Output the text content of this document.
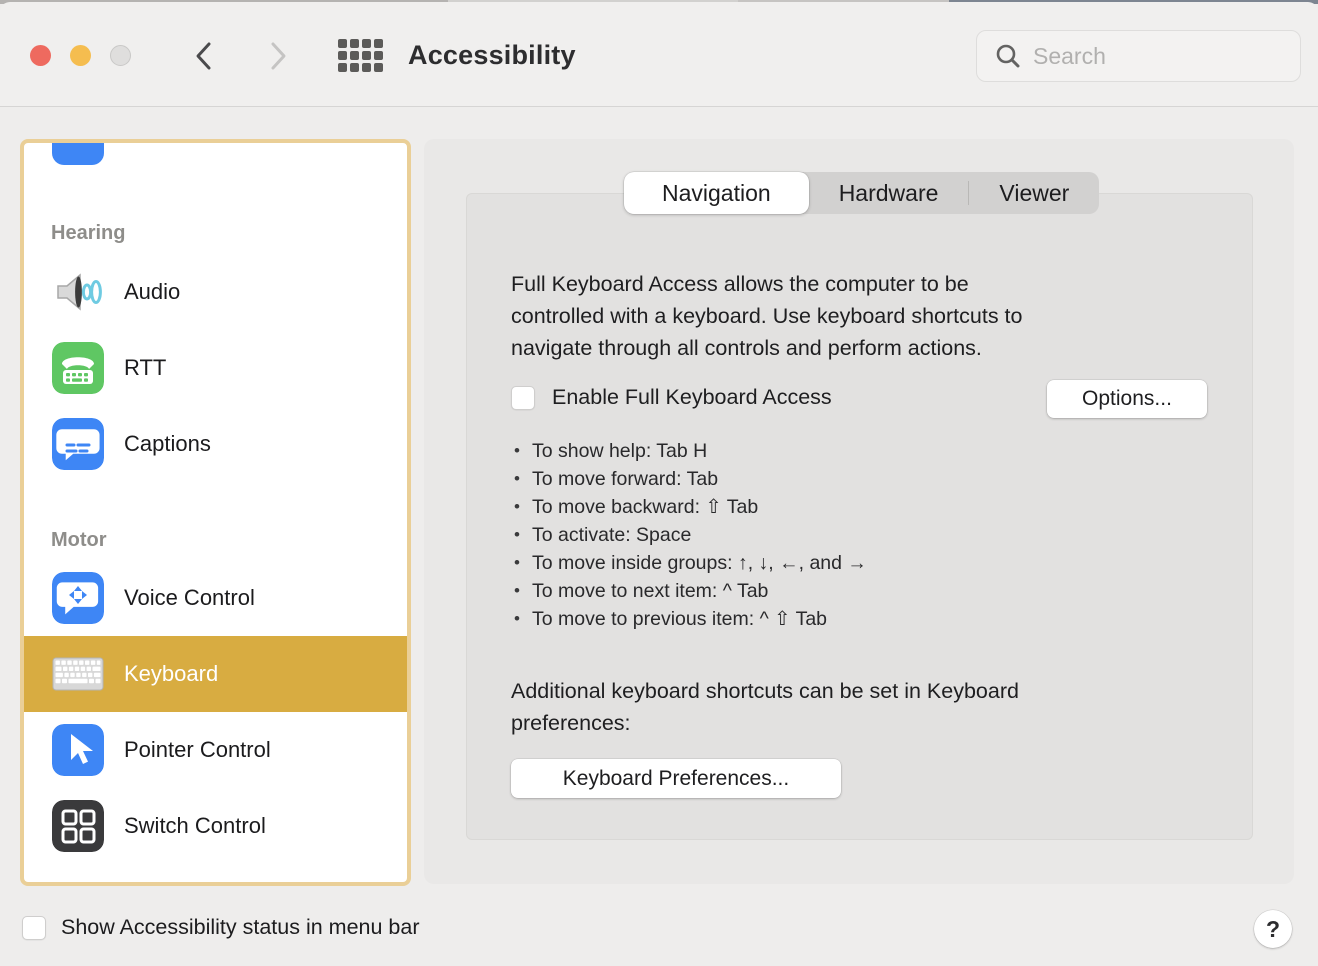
Accessibility
Search
Hearing
Audio
RTT
Captions
Motor
Voice Control
Keyboard
Pointer Control
Switch Control
Navigation	Hardware	Viewer
Full Keyboard Access allows the computer to be
controlled with a keyboard. Use keyboard shortcuts to
navigate through all controls and perform actions.
Enable Full Keyboard Access	Options...
• To show help: Tab H
• To move forward: Tab
• To move backward: ⇧ Tab
• To activate: Space
• To move inside groups: ↑, ↓, ←, and →
• To move to next item: ^ Tab
• To move to previous item: ^ ⇧ Tab
Additional keyboard shortcuts can be set in Keyboard
preferences:
Keyboard Preferences...
Show Accessibility status in menu bar	?
